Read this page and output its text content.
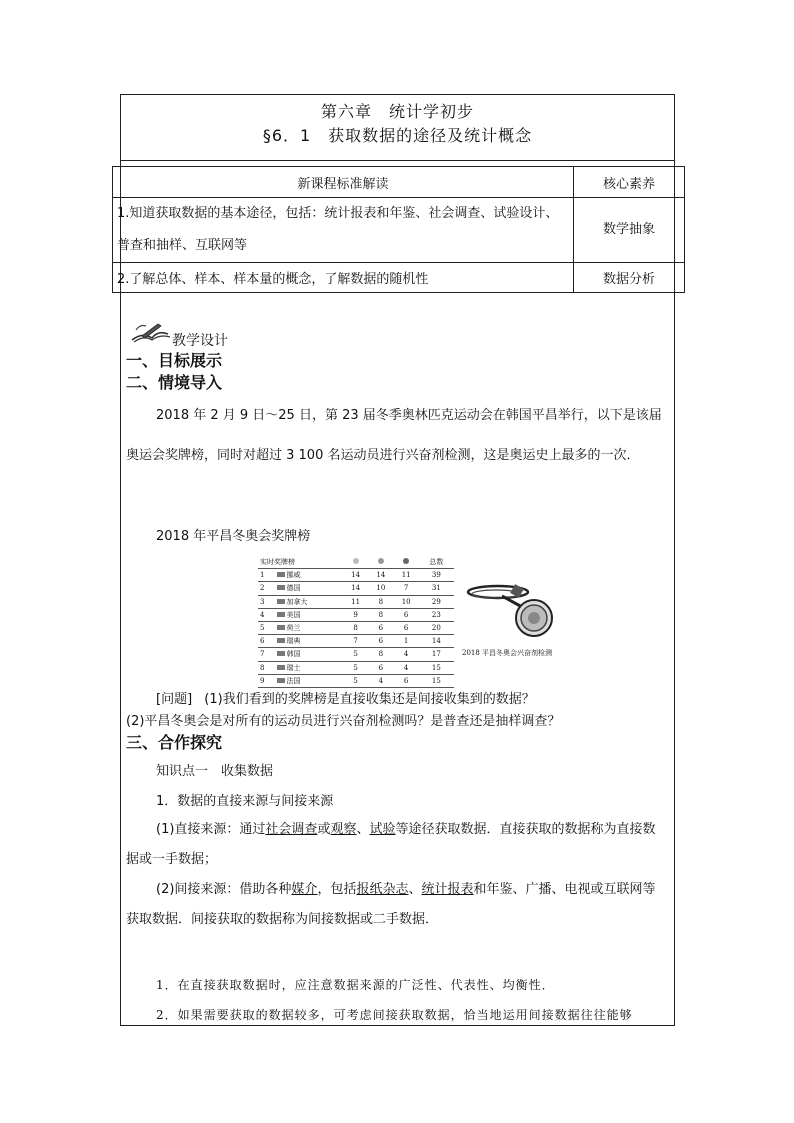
第六章　统计学初步
§6．1　获取数据的途径及统计概念
新课程标准解读	核心素养
1.知道获取数据的基本途径，包括：统计报表和年鉴、社会调查、试验设计、普查和抽样、互联网等	数学抽象
2.了解总体、样本、样本量的概念，了解数据的随机性	数据分析
教学设计
一、目标展示
二、情境导入
2018 年 2 月 9 日～25 日，第 23 届冬季奥林匹克运动会在韩国平昌举行，以下是该届奥运会奖牌榜，同时对超过 3 100 名运动员进行兴奋剂检测，这是奥运史上最多的一次．
2018 年平昌冬奥会奖牌榜
实时奖牌榜					总数
1	挪威	14	14	11	39
2	德国	14	10	7	31
3	加拿大	11	8	10	29
4	美国	9	8	6	23
5	荷兰	8	6	6	20
6	瑞典	7	6	1	14
7	韩国	5	8	4	17
8	瑞士	5	6	4	15
9	法国	5	4	6	15
2018 平昌冬奥会兴奋剂检测
[问题] (1)我们看到的奖牌榜是直接收集还是间接收集到的数据？
(2)平昌冬奥会是对所有的运动员进行兴奋剂检测吗？是普查还是抽样调查？
三、合作探究
知识点一　收集数据
1．数据的直接来源与间接来源
(1)直接来源：通过社会调查或观察、试验等途径获取数据．直接获取的数据称为直接数据或一手数据；
(2)间接来源：借助各种媒介，包括报纸杂志、统计报表和年鉴、广播、电视或互联网等获取数据．间接获取的数据称为间接数据或二手数据．
1．在直接获取数据时，应注意数据来源的广泛性、代表性、均衡性．
2．如果需要获取的数据较多，可考虑间接获取数据，恰当地运用间接数据往往能够
